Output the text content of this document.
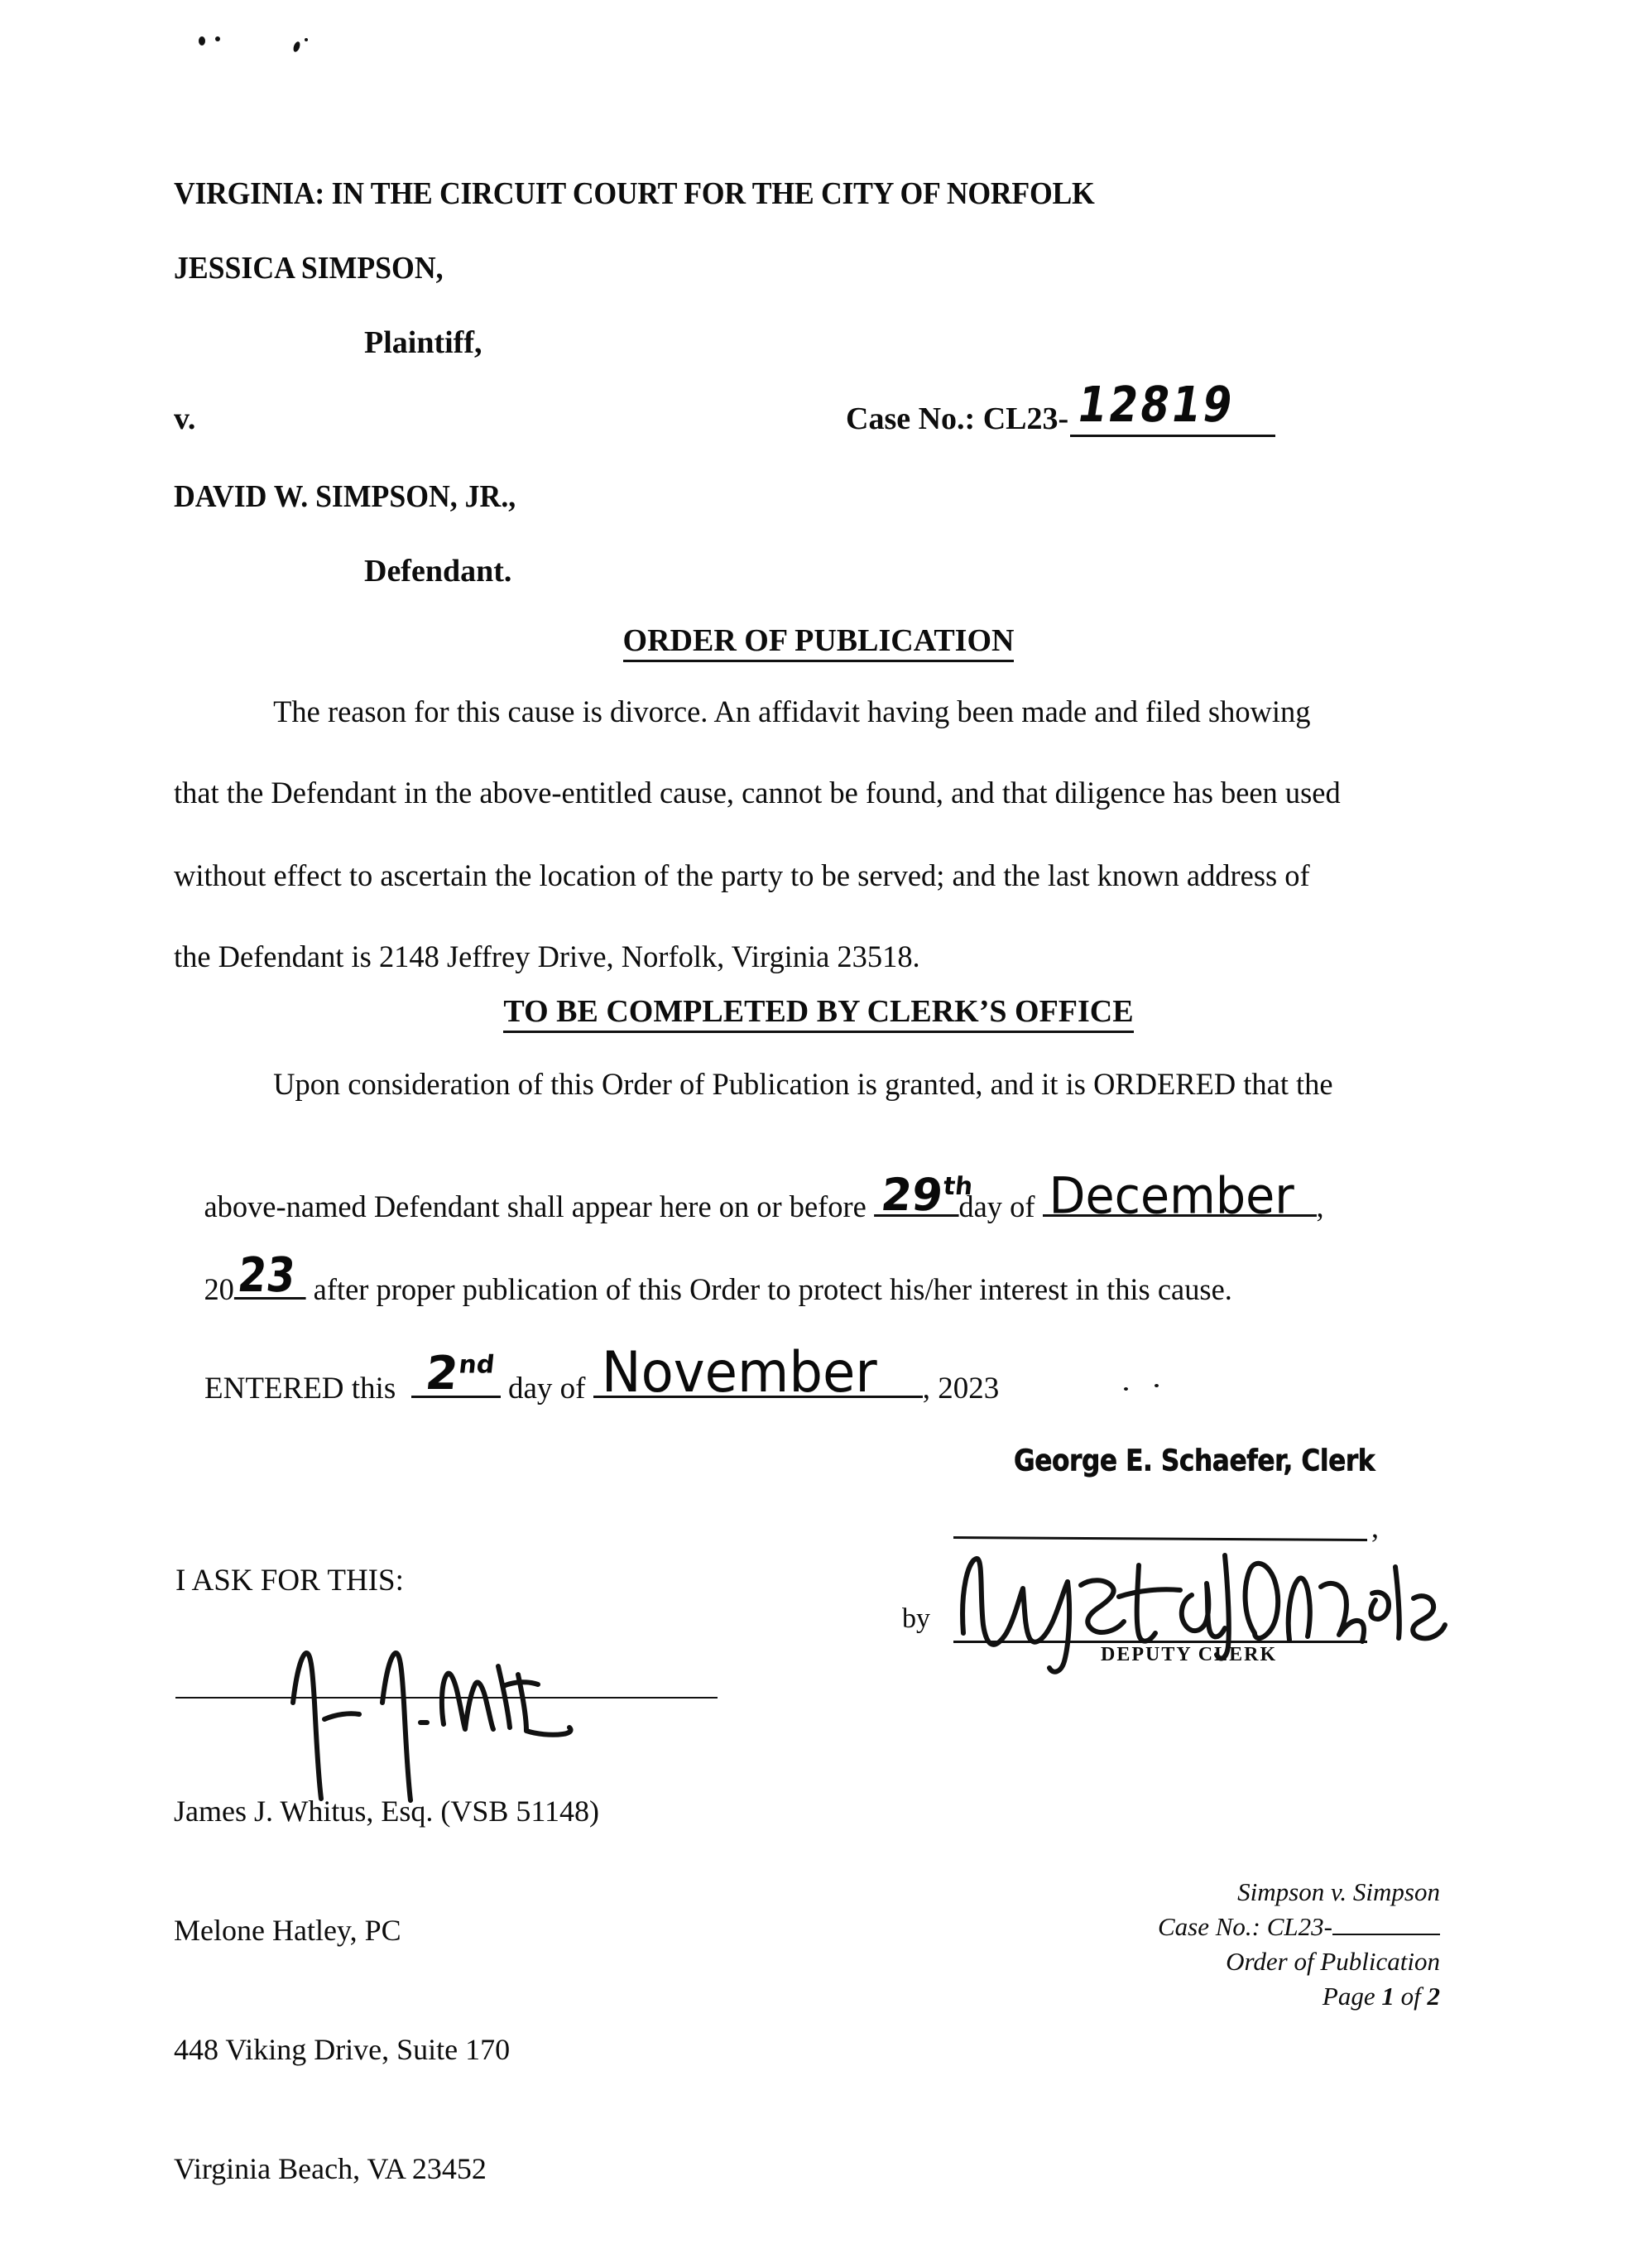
VIRGINIA: IN THE CIRCUIT COURT FOR THE CITY OF NORFOLK
JESSICA SIMPSON,
Plaintiff,
v.
DAVID W. SIMPSON, JR.,
Defendant.
Case No.: CL23- 12819
ORDER OF PUBLICATION
The reason for this cause is divorce. An affidavit having been made and filed showing
that the Defendant in the above-entitled cause, cannot be found, and that diligence has been used
without effect to ascertain the location of the party to be served; and the last known address of
the Defendant is 2148 Jeffrey Drive, Norfolk, Virginia 23518.
TO BE COMPLETED BY CLERK’S OFFICE
Upon consideration of this Order of Publication is granted, and it is ORDERED that the

above-named Defendant shall appear here on or before 29th
day of December ,

20 23 after proper publication of this Order to protect his/her interest in this cause.

ENTERED this 2nd
day of November , 2023

George E. Schaefer, Clerk
,
by
DEPUTY CLERK
I ASK FOR THIS:

James J. Whitus, Esq. (VSB 51148)

Melone Hatley, PC

448 Viking Drive, Suite 170

Virginia Beach, VA 23452

Simpson v. Simpson
Case No.: CL23-
Order of Publication
Page 1 of 2
